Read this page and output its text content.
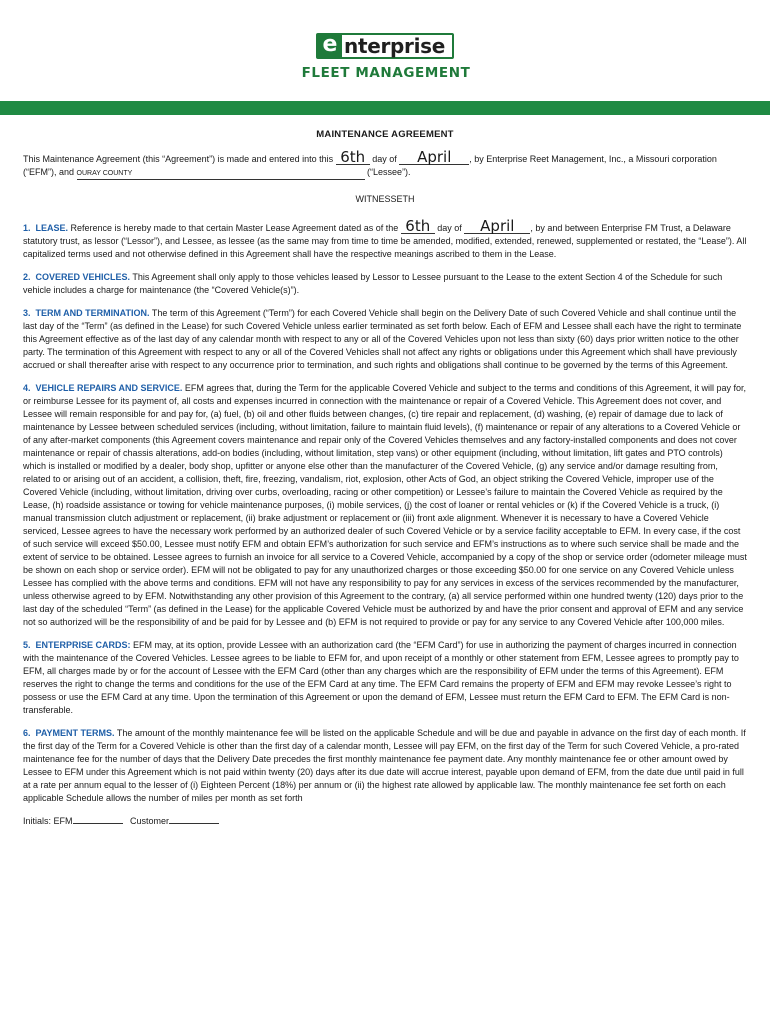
e nterprise
FLEET MANAGEMENT
MAINTENANCE AGREEMENT

This Maintenance Agreement (this “Agreement”) is made and entered into this 6th day of April , by Enterprise Reet Management, Inc., a Missouri corporation (“EFM”), and OURAY COUNTY	(“Lessee”).

WITNESSETH

1.  LEASE. Reference is hereby made to that certain Master Lease Agreement dated as of the 6th day of April , by and between Enterprise FM Trust, a Delaware statutory trust, as lessor (“Lessor”), and Lessee, as lessee (as the same may from time to time be amended, modified, extended, renewed, supplemented or restated, the “Lease”). All capitalized terms used and not otherwise defined in this Agreement shall have the respective meanings ascribed to them in the Lease.

2.  COVERED VEHICLES. This Agreement shall only apply to those vehicles leased by Lessor to Lessee pursuant to the Lease to the extent Section 4 of the Schedule for such vehicle includes a charge for maintenance (the “Covered Vehicle(s)”).

3.  TERM AND TERMINATION. The term of this Agreement (“Term”) for each Covered Vehicle shall begin on the Delivery Date of such Covered Vehicle and shall continue until the last day of the “Term” (as defined in the Lease) for such Covered Vehicle unless earlier terminated as set forth below. Each of EFM and Lessee shall each have the right to terminate this Agreement effective as of the last day of any calendar month with respect to any or all of the Covered Vehicles upon not less than sixty (60) days prior written notice to the other party. The termination of this Agreement with respect to any or all of the Covered Vehicles shall not affect any rights or obligations under this Agreement which shall have previously accrued or shall thereafter arise with respect to any occurrence prior to termination, and such rights and obligations shall continue to be governed by the terms of this Agreement.

4.  VEHICLE REPAIRS AND SERVICE. EFM agrees that, during the Term for the applicable Covered Vehicle and subject to the terms and conditions of this Agreement, it will pay for, or reimburse Lessee for its payment of, all costs and expenses incurred in connection with the maintenance or repair of a Covered Vehicle. This Agreement does not cover, and Lessee will remain responsible for and pay for, (a) fuel, (b) oil and other fluids between changes, (c) tire repair and replacement, (d) washing, (e) repair of damage due to lack of maintenance by Lessee between scheduled services (including, without limitation, failure to maintain fluid levels), (f) maintenance or repair of any alterations to a Covered Vehicle or of any after-market components (this Agreement covers maintenance and repair only of the Covered Vehicles themselves and any factory-installed components and does not cover maintenance or repair of chassis alterations, add-on bodies (including, without limitation, step vans) or other equipment (including, without limitation, lift gates and PTO controls) which is installed or modified by a dealer, body shop, upfitter or anyone else other than the manufacturer of the Covered Vehicle, (g) any service and/or damage resulting from, related to or arising out of an accident, a collision, theft, fire, freezing, vandalism, riot, explosion, other Acts of God, an object striking the Covered Vehicle, improper use of the Covered Vehicle (including, without limitation, driving over curbs, overloading, racing or other competition) or Lessee’s failure to maintain the Covered Vehicle as required by the Lease, (h) roadside assistance or towing for vehicle maintenance purposes, (i) mobile services, (j) the cost of loaner or rental vehicles or (k) if the Covered Vehicle is a truck, (i) manual transmission clutch adjustment or replacement, (ii) brake adjustment or replacement or (iii) front axle alignment. Whenever it is necessary to have a Covered Vehicle serviced, Lessee agrees to have the necessary work performed by an authorized dealer of such Covered Vehicle or by a service facility acceptable to EFM. In every case, if the cost of such service will exceed $50.00, Lessee must notify EFM and obtain EFM’s authorization for such service and EFM’s instructions as to where such service shall be made and the extent of service to be obtained. Lessee agrees to furnish an invoice for all service to a Covered Vehicle, accompanied by a copy of the shop or service order (odometer mileage must be shown on each shop or service order). EFM will not be obligated to pay for any unauthorized charges or those exceeding $50.00 for one service on any Covered Vehicle unless Lessee has complied with the above terms and conditions. EFM will not have any responsibility to pay for any services in excess of the services recommended by the manufacturer, unless otherwise agreed to by EFM. Notwithstanding any other provision of this Agreement to the contrary, (a) all service performed within one hundred twenty (120) days prior to the last day of the scheduled “Term” (as defined in the Lease) for the applicable Covered Vehicle must be authorized by and have the prior consent and approval of EFM and any service not so authorized will be the responsibility of and be paid for by Lessee and (b) EFM is not required to provide or pay for any service to any Covered Vehicle after 100,000 miles.

5.  ENTERPRISE CARDS: EFM may, at its option, provide Lessee with an authorization card (the “EFM Card”) for use in authorizing the payment of charges incurred in connection with the maintenance of the Covered Vehicles. Lessee agrees to be liable to EFM for, and upon receipt of a monthly or other statement from EFM, Lessee agrees to promptly pay to EFM, all charges made by or for the account of Lessee with the EFM Card (other than any charges which are the responsibility of EFM under the terms of this Agreement). EFM reserves the right to change the terms and conditions for the use of the EFM Card at any time. The EFM Card remains the property of EFM and EFM may revoke Lessee’s right to possess or use the EFM Card at any time. Upon the termination of this Agreement or upon the demand of EFM, Lessee must return the EFM Card to EFM. The EFM Card is non-transferable.

6.  PAYMENT TERMS. The amount of the monthly maintenance fee will be listed on the applicable Schedule and will be due and payable in advance on the first day of each month. If the first day of the Term for a Covered Vehicle is other than the first day of a calendar month, Lessee will pay EFM, on the first day of the Term for such Covered Vehicle, a pro-rated maintenance fee for the number of days that the Delivery Date precedes the first monthly maintenance fee payment date. Any monthly maintenance fee or other amount owed by Lessee to EFM under this Agreement which is not paid within twenty (20) days after its due date will accrue interest, payable upon demand of EFM, from the date due until paid in full at a rate per annum equal to the lesser of (i) Eighteen Percent (18%) per annum or (ii) the highest rate allowed by applicable law. The monthly maintenance fee set forth on each applicable Schedule allows the number of miles per month as set forth

Initials: EFM	Customer
